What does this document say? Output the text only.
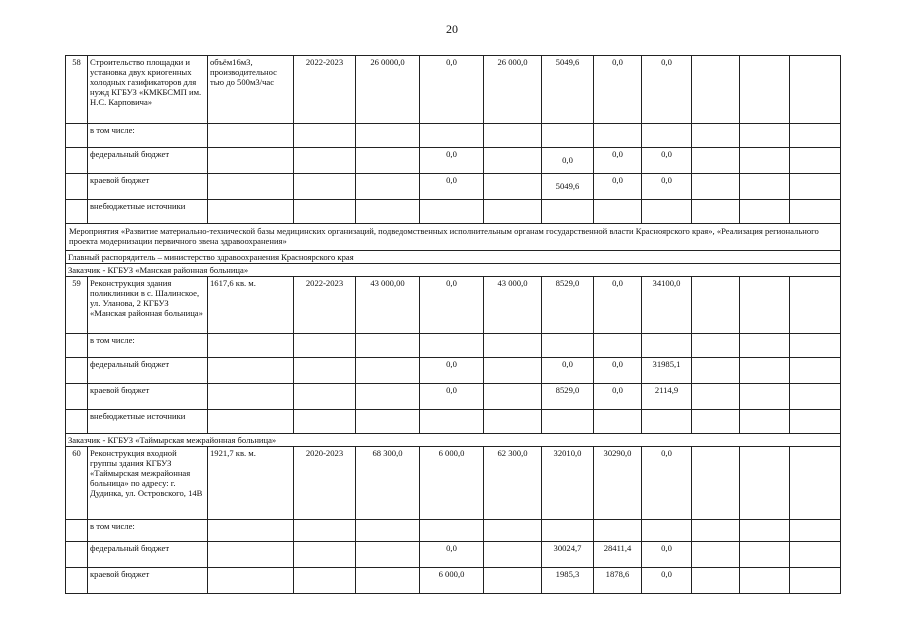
20
58	Строительство площадки и установка двух криогенных холодных газификаторов для нужд КГБУЗ «КМКБСМП им. Н.С. Карповича»	объём16м3, производительнос тью до 500м3/час	2022-2023	26 0000,0	0,0	26 000,0	5049,6	0,0	0,0			
	в том числе:											
	федеральный бюджет				0,0		0,0	0,0	0,0			
	краевой бюджет				0,0		5049,6	0,0	0,0			
	внебюджетные источники											
Мероприятия «Развитие материально-технической базы медицинских организаций, подведомственных исполнительным органам государственной власти Красноярского края», «Реализация регионального проекта модернизации первичного звена здравоохранения»												
Главный распорядитель – министерство здравоохранения Красноярского края												
Заказчик - КГБУЗ «Манская районная больница»												
59	Реконструкция здания поликлиники в с. Шалинское, ул. Уланова, 2 КГБУЗ «Манская районная больница»	1617,6 кв. м.	2022-2023	43 000,00	0,0	43 000,0	8529,0	0,0	34100,0			
	в том числе:											
	федеральный бюджет				0,0		0,0	0,0	31985,1			
	краевой бюджет				0,0		8529,0	0,0	2114,9			
	внебюджетные источники											
Заказчик - КГБУЗ «Таймырская межрайонная больница»												
60	Реконструкция входной группы здания КГБУЗ «Таймырская межрайонная больница» по адресу: г. Дудинка, ул. Островского, 14В	1921,7 кв. м.	2020-2023	68 300,0	6 000,0	62 300,0	32010,0	30290,0	0,0			
	в том числе:											
	федеральный бюджет				0,0		30024,7	28411,4	0,0			
	краевой бюджет				6 000,0		1985,3	1878,6	0,0			
